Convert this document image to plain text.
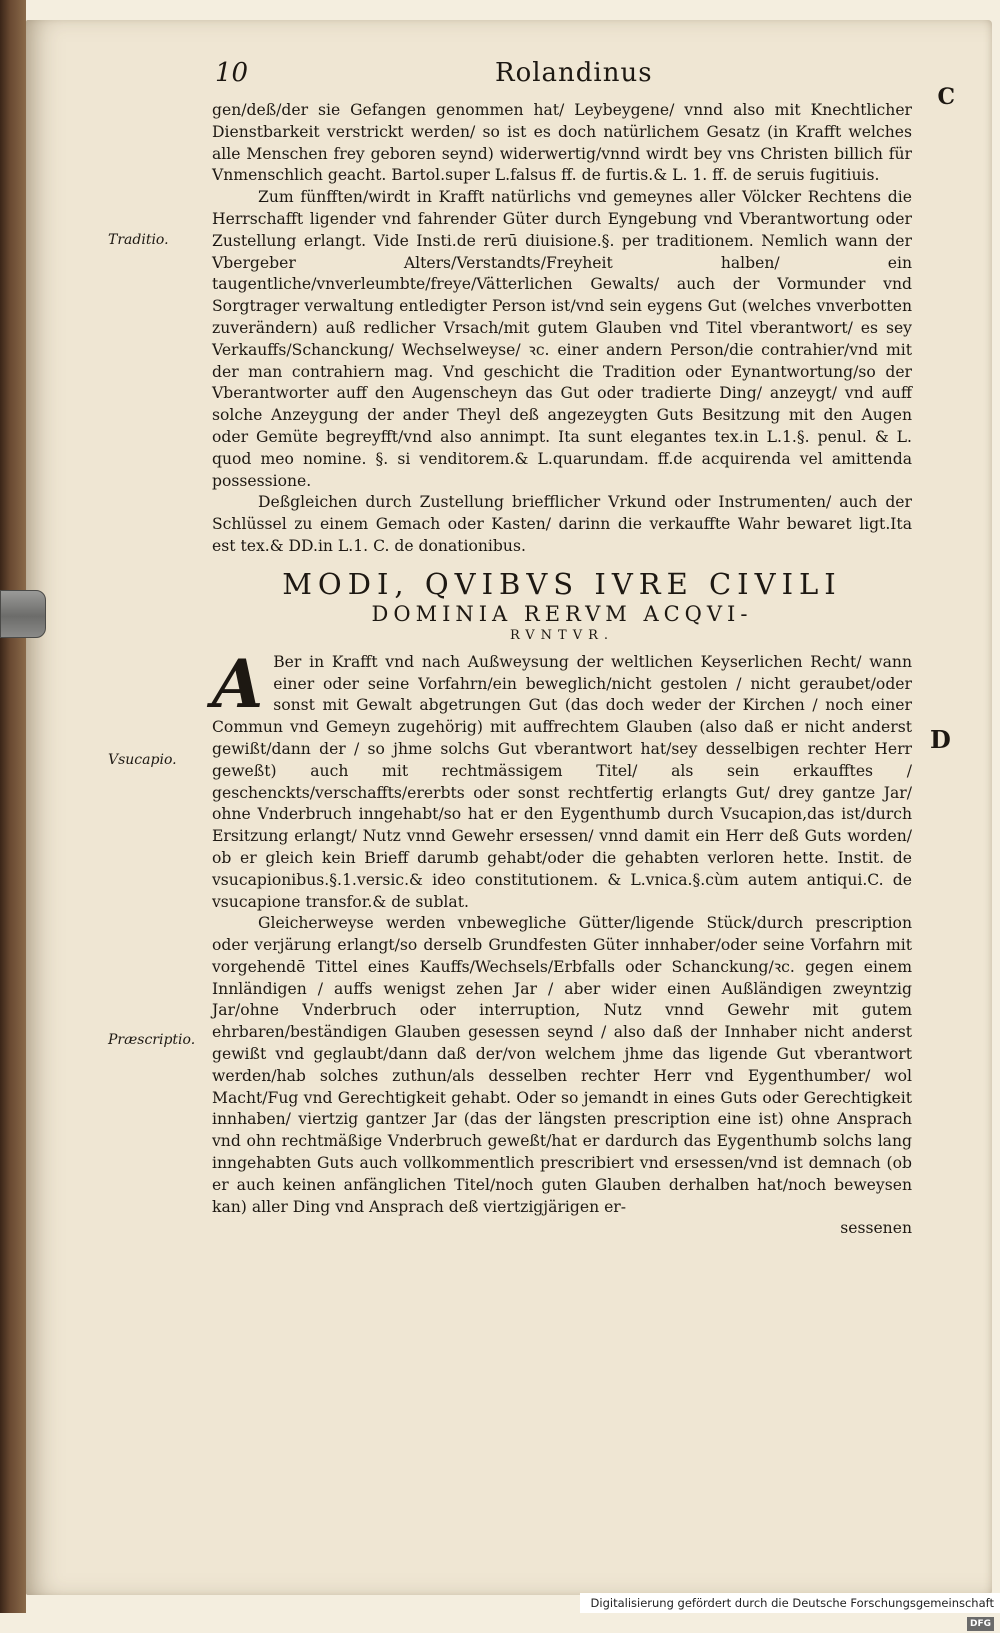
10	Rolandinus
C
Traditio.
Vsucapio.
Præscriptio.
D

gen/deß/der sie Gefangen genommen hat/ Leybeygene/ vnnd also mit Knechtlicher Dienstbarkeit verstrickt werden/ so ist es doch natürlichem Gesatz (in Krafft welches alle Menschen frey geboren seynd) widerwertig/vnnd wirdt bey vns Christen billich für Vnmenschlich geacht. Bartol.super L.falsus ff. de furtis.& L. 1. ff. de seruis fugitiuis.

Zum fünfften/wirdt in Krafft natürlichs vnd gemeynes aller Völcker Rechtens die Herrschafft ligender vnd fahrender Güter durch Eyngebung vnd Vberantwortung oder Zustellung erlangt. Vide Insti.de rerū diuisione.§. per traditionem. Nemlich wann der Vbergeber Alters/Verstandts/Freyheit halben/ ein taugentliche/vnverleumbte/freye/Vätterlichen Gewalts/ auch der Vormunder vnd Sorgtrager verwaltung entledigter Person ist/vnd sein eygens Gut (welches vnverbotten zuverändern) auß redlicher Vrsach/mit gutem Glauben vnd Titel vberantwort/ es sey Verkauffs/Schanckung/ Wechselweyse/ ꝛc. einer andern Person/die contrahier/vnd mit der man contrahiern mag. Vnd geschicht die Tradition oder Eynantwortung/so der Vberantworter auff den Augenscheyn das Gut oder tradierte Ding/ anzeygt/ vnd auff solche Anzeygung der ander Theyl deß angezeygten Guts Besitzung mit den Augen oder Gemüte begreyfft/vnd also annimpt. Ita sunt elegantes tex.in L.1.§. penul. & L. quod meo nomine. §. si venditorem.& L.quarundam. ff.de acquirenda vel amittenda possessione.

Deßgleichen durch Zustellung briefflicher Vrkund oder Instrumenten/ auch der Schlüssel zu einem Gemach oder Kasten/ darinn die verkauffte Wahr bewaret ligt.Ita est tex.& DD.in L.1. C. de donationibus.

MODI, QVIBVS IVRE CIVILI
DOMINIA RERVM ACQVI-
RVNTVR.

A Ber in Krafft vnd nach Außweysung der weltlichen Keyserlichen Recht/ wann einer oder seine Vorfahrn/ein beweglich/nicht gestolen / nicht geraubet/oder sonst mit Gewalt abgetrungen Gut (das doch weder der Kirchen / noch einer Commun vnd Gemeyn zugehörig) mit auffrechtem Glauben (also daß er nicht anderst gewißt/dann der / so jhme solchs Gut vberantwort hat/sey desselbigen rechter Herr geweßt) auch mit rechtmässigem Titel/ als sein erkaufftes / geschenckts/verschaffts/ererbts oder sonst rechtfertig erlangts Gut/ drey gantze Jar/ ohne Vnderbruch inngehabt/so hat er den Eygenthumb durch Vsucapion,das ist/durch Ersitzung erlangt/ Nutz vnnd Gewehr ersessen/ vnnd damit ein Herr deß Guts worden/ ob er gleich kein Brieff darumb gehabt/oder die gehabten verloren hette. Instit. de vsucapionibus.§.1.versic.& ideo constitutionem. & L.vnica.§.cùm autem antiqui.C. de vsucapione transfor.& de sublat.

Gleicherweyse werden vnbewegliche Gütter/ligende Stück/durch prescription oder verjärung erlangt/so derselb Grundfesten Güter innhaber/oder seine Vorfahrn mit vorgehendē Tittel eines Kauffs/Wechsels/Erbfalls oder Schanckung/ꝛc. gegen einem Innländigen / auffs wenigst zehen Jar / aber wider einen Außländigen zweyntzig Jar/ohne Vnderbruch oder interruption, Nutz vnnd Gewehr mit gutem ehrbaren/beständigen Glauben gesessen seynd / also daß der Innhaber nicht anderst gewißt vnd geglaubt/dann daß der/von welchem jhme das ligende Gut vberantwort werden/hab solches zuthun/als desselben rechter Herr vnd Eygenthumber/ wol Macht/Fug vnd Gerechtigkeit gehabt. Oder so jemandt in eines Guts oder Gerechtigkeit innhaben/ viertzig gantzer Jar (das der längsten prescription eine ist) ohne Ansprach vnd ohn rechtmäßige Vnderbruch geweßt/hat er dardurch das Eygenthumb solchs lang inngehabten Guts auch vollkommentlich prescribiert vnd ersessen/vnd ist demnach (ob er auch keinen anfänglichen Titel/noch guten Glauben derhalben hat/noch beweysen kan) aller Ding vnd Ansprach deß viertzigjärigen er-

sessenen

Digitalisierung gefördert durch die Deutsche Forschungsgemeinschaft DFG
